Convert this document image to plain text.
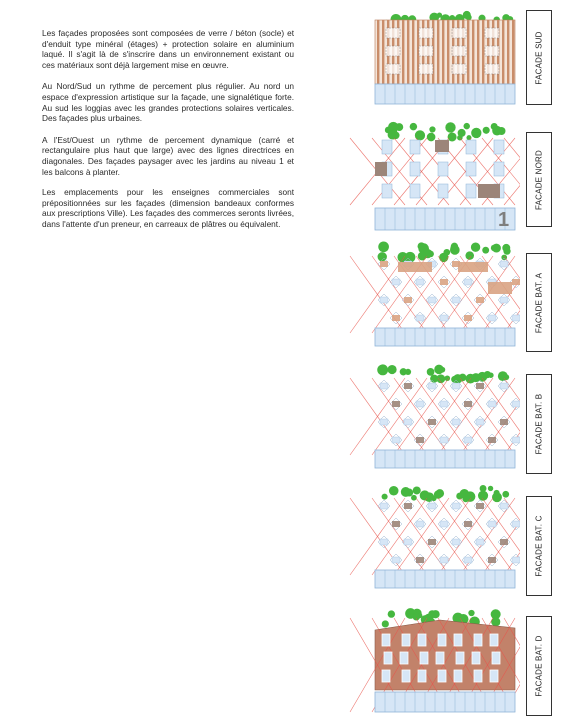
Les façades proposées sont composées de verre / béton (socle) et d'enduit type minéral (étages) + protection solaire en aluminium laqué. Il s'agit là de s'inscrire dans un environnement existant ou ces matériaux sont déjà largement mise en œuvre.

Au Nord/Sud un rythme de percement plus régulier. Au nord un espace d'expression artistique sur la façade, une signalétique forte. Au sud les loggias avec les grandes protections solaires verticales. Des façades plus urbaines.

A l'Est/Ouest un rythme de percement dynamique (carré et rectangulaire plus haut que large) avec des lignes directrices en diagonales. Des façades paysager avec les jardins au niveau 1 et les balcons à planter.

Les emplacements pour les enseignes commerciales sont prépositionnées sur les façades (dimension bandeaux conformes aux prescriptions Ville). Les façades des commerces seronts livrées, dans l'attente d'un preneur, en carreaux de plâtres ou équivalent.	1
FACADE SUD
FACADE NORD
FACADE BAT. A
FACADE BAT. B
FACADE BAT. C
FACADE BAT. D
